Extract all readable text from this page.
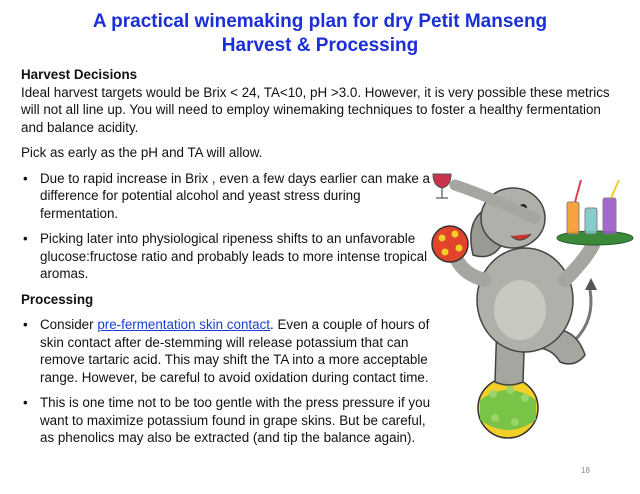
A practical winemaking plan for dry Petit Manseng
Harvest & Processing

Harvest Decisions

Ideal harvest targets would be Brix < 24, TA<10, pH >3.0. However, it is very possible these metrics will not all line up. You will need to employ winemaking techniques to foster a healthy fermentation and balance acidity.

Pick as early as the pH and TA will allow.

• Due to rapid increase in Brix , even a few days earlier can make a difference for potential alcohol and yeast stress during fermentation.
• Picking later into physiological ripeness shifts to an unfavorable glucose:fructose ratio and probably leads to more intense tropical aromas.

Processing

• Consider pre-fermentation skin contact. Even a couple of hours of skin contact after de-stemming will release potassium that can remove tartaric acid. This may shift the TA into a more acceptable range. However, be careful to avoid oxidation during contact time.
• This is one time not to be too gentle with the press pressure if you want to maximize potassium found in grape skins. But be careful, as phenolics may also be extracted (and tip the balance again).
18
